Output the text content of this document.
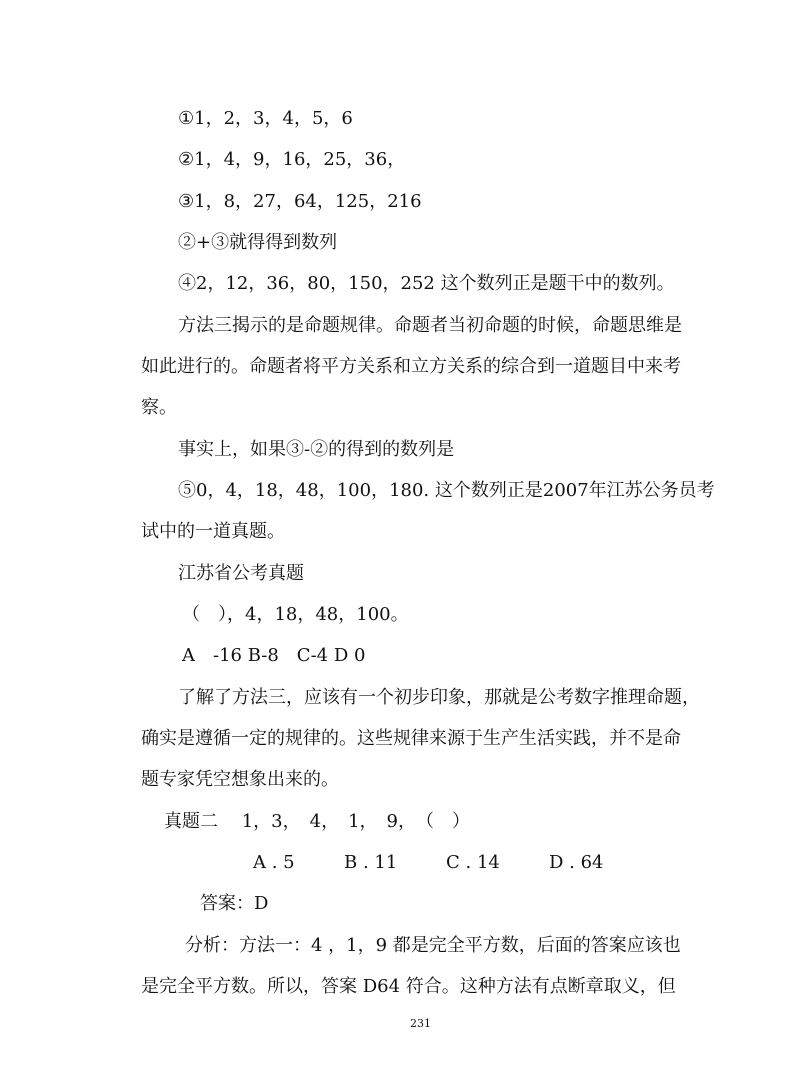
①1，2，3，4，5，6
②1，4，9，16，25，36，
③1，8，27，64，125，216
②+③就得得到数列
④2，12，36，80，150，252 这个数列正是题干中的数列。
方法三揭示的是命题规律。命题者当初命题的时候，命题思维是
如此进行的。命题者将平方关系和立方关系的综合到一道题目中来考
察。
事实上，如果③-②的得到的数列是
⑤0，4，18，48，100，180. 这个数列正是2007年江苏公务员考
试中的一道真题。
江苏省公考真题
（　），4，18，48，100。
A　-16 B-8　C-4 D 0
了解了方法三，应该有一个初步印象，那就是公考数字推理命题，
确实是遵循一定的规律的。这些规律来源于生产生活实践，并不是命
题专家凭空想象出来的。
真题二　 1，3，　4，　1，　9，　（　）
A . 5	B . 11	C . 14	D . 64
答案：D
分析：方法一：4 ，1，9 都是完全平方数，后面的答案应该也
是完全平方数。所以，答案 D64 符合。这种方法有点断章取义，但
231
